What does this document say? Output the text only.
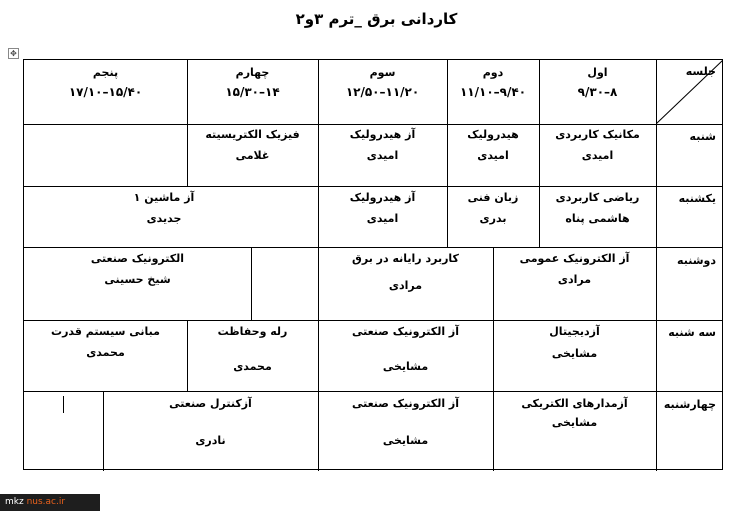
کاردانی برق _ترم ۳و۲
✥
جلسه
اول
۸–۹/۳۰
دوم
۹/۴۰–۱۱/۱۰
سوم
۱۱/۲۰–۱۲/۵۰
چهارم
۱۴–۱۵/۳۰
پنجم
۱۵/۴۰–۱۷/۱۰
شنبه
یکشنبه
دوشنبه
سه شنبه
چهارشنبه
مکانیک کاربردی
امیدی
هیدرولیک
امیدی
آز هیدرولیک
امیدی
فیزیک الکتریسیته
غلامی
ریاضی کاربردی
هاشمی پناه
زبان فنی
بدری
آز هیدرولیک
امیدی
آز ماشین ۱
جدیدی
آز الکترونیک عمومی
مرادی
کاربرد رایانه در برق
مرادی
الکترونیک صنعتی
شیخ حسینی
آزدیجیتال
مشایخی
آز الکترونیک صنعتی
مشایخی
رله وحفاظت
محمدی
مبانی سیستم قدرت
محمدی
آزمدارهای الکتریکی
مشایخی
آز الکترونیک صنعتی
مشایخی
آزکنترل صنعتی
نادری
mkz nus.ac.ir
